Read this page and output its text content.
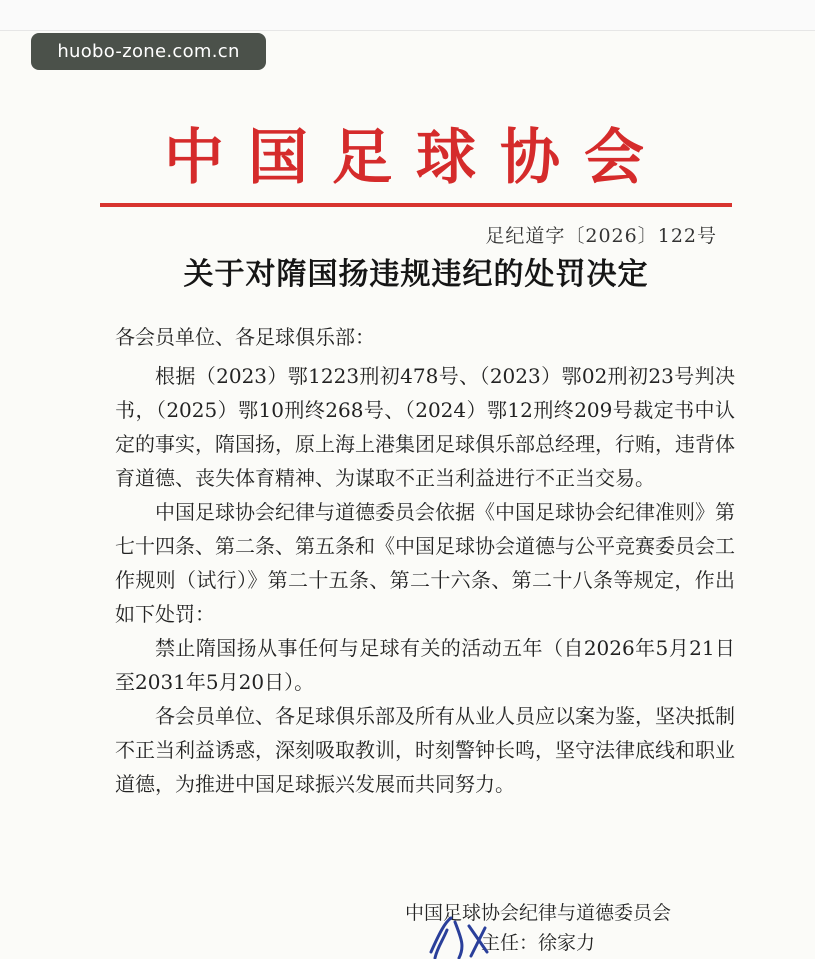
huobo-zone.com.cn
中国足球协会
足纪道字〔2026〕122号
关于对隋国扬违规违纪的处罚决定

各会员单位、各足球俱乐部：

根据（2023）鄂1223刑初478号、（2023）鄂02刑初23号判决书，（2025）鄂10刑终268号、（2024）鄂12刑终209号裁定书中认定的事实，隋国扬，原上海上港集团足球俱乐部总经理，行贿，违背体育道德、丧失体育精神、为谋取不正当利益进行不正当交易。

中国足球协会纪律与道德委员会依据《中国足球协会纪律准则》第七十四条、第二条、第五条和《中国足球协会道德与公平竞赛委员会工作规则（试行）》第二十五条、第二十六条、第二十八条等规定，作出如下处罚：

禁止隋国扬从事任何与足球有关的活动五年（自2026年5月21日至2031年5月20日）。

各会员单位、各足球俱乐部及所有从业人员应以案为鉴，坚决抵制不正当利益诱惑，深刻吸取教训，时刻警钟长鸣，坚守法律底线和职业道德，为推进中国足球振兴发展而共同努力。

中国足球协会纪律与道德委员会
主任：徐家力
